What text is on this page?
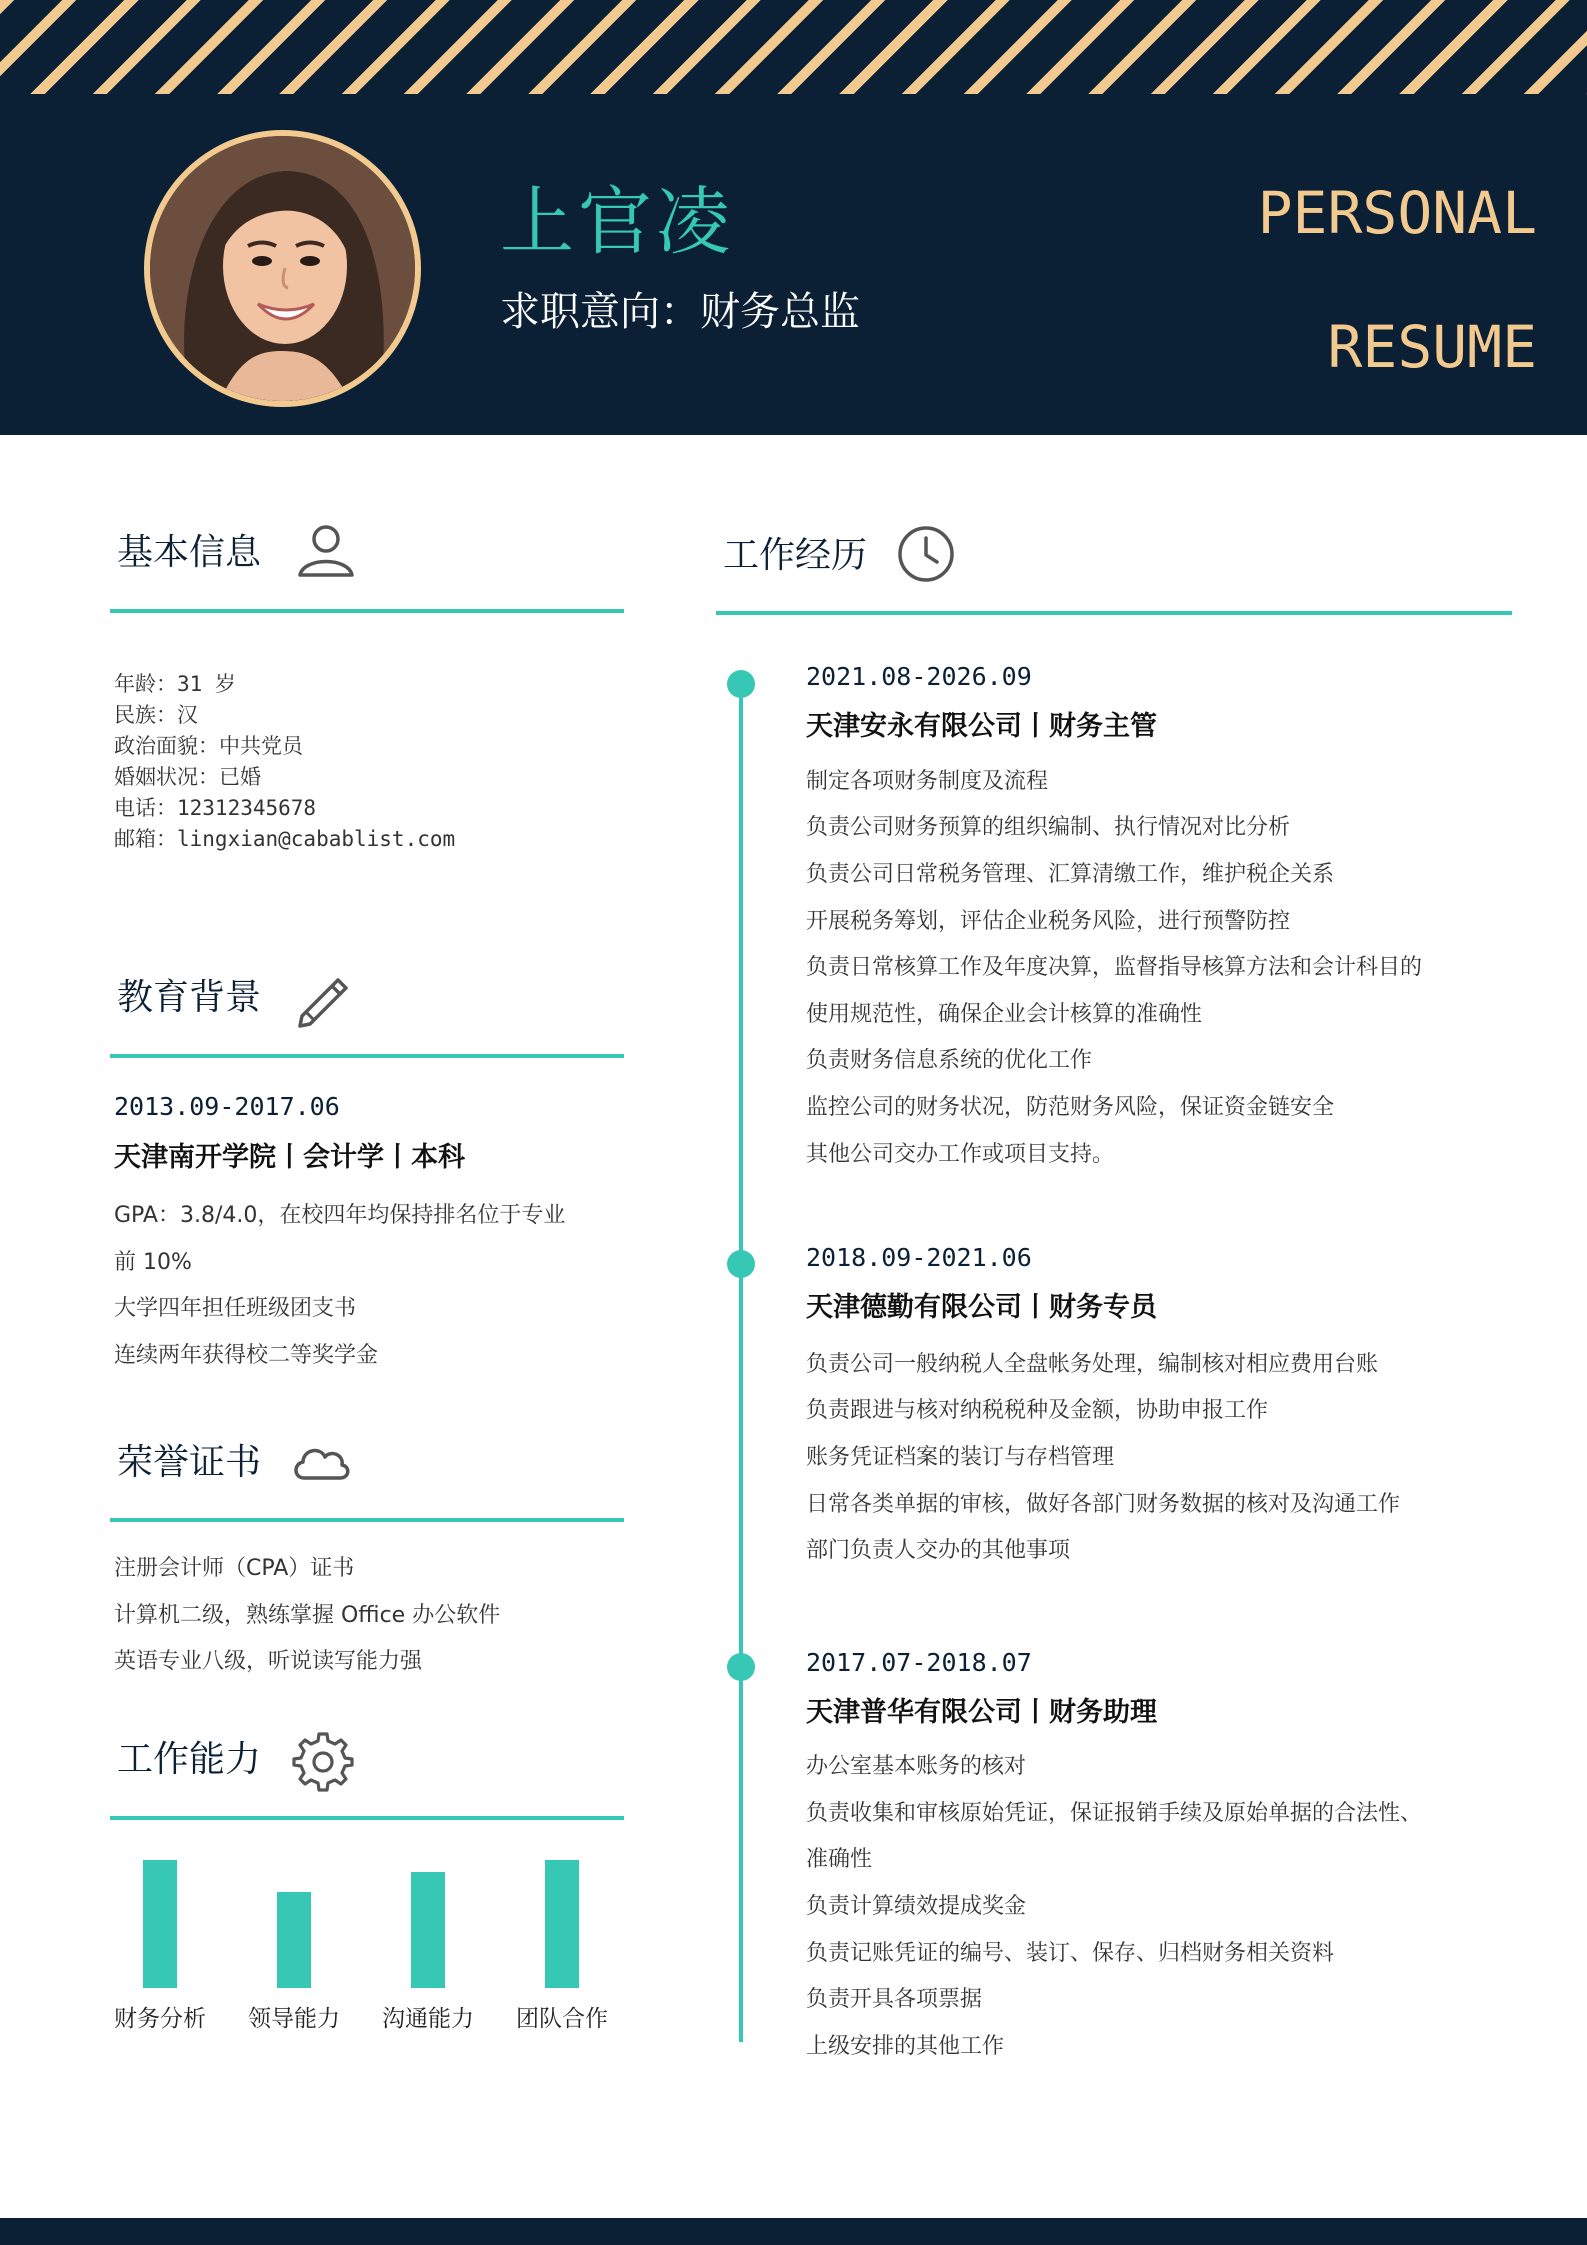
上官凌
求职意向：财务总监
PERSONAL
RESUME
基本信息
年龄：31 岁
民族：汉
政治面貌：中共党员
婚姻状况：已婚
电话：12312345678
邮箱：lingxian@cabablist.com
教育背景
2013.09-2017.06
天津南开学院丨会计学丨本科
GPA：3.8/4.0，在校四年均保持排名位于专业
前 10%
大学四年担任班级团支书
连续两年获得校二等奖学金
荣誉证书
注册会计师（CPA）证书
计算机二级，熟练掌握 Office 办公软件
英语专业八级，听说读写能力强
工作能力
财务分析 领导能力 沟通能力 团队合作
工作经历
2021.08-2026.09
天津安永有限公司丨财务主管
制定各项财务制度及流程
负责公司财务预算的组织编制、执行情况对比分析
负责公司日常税务管理、汇算清缴工作，维护税企关系
开展税务筹划，评估企业税务风险，进行预警防控
负责日常核算工作及年度决算，监督指导核算方法和会计科目的
使用规范性，确保企业会计核算的准确性
负责财务信息系统的优化工作
监控公司的财务状况，防范财务风险，保证资金链安全
其他公司交办工作或项目支持。
2018.09-2021.06
天津德勤有限公司丨财务专员
负责公司一般纳税人全盘帐务处理，编制核对相应费用台账
负责跟进与核对纳税税种及金额，协助申报工作
账务凭证档案的装订与存档管理
日常各类单据的审核，做好各部门财务数据的核对及沟通工作
部门负责人交办的其他事项
2017.07-2018.07
天津普华有限公司丨财务助理
办公室基本账务的核对
负责收集和审核原始凭证，保证报销手续及原始单据的合法性、
准确性
负责计算绩效提成奖金
负责记账凭证的编号、装订、保存、归档财务相关资料
负责开具各项票据
上级安排的其他工作
